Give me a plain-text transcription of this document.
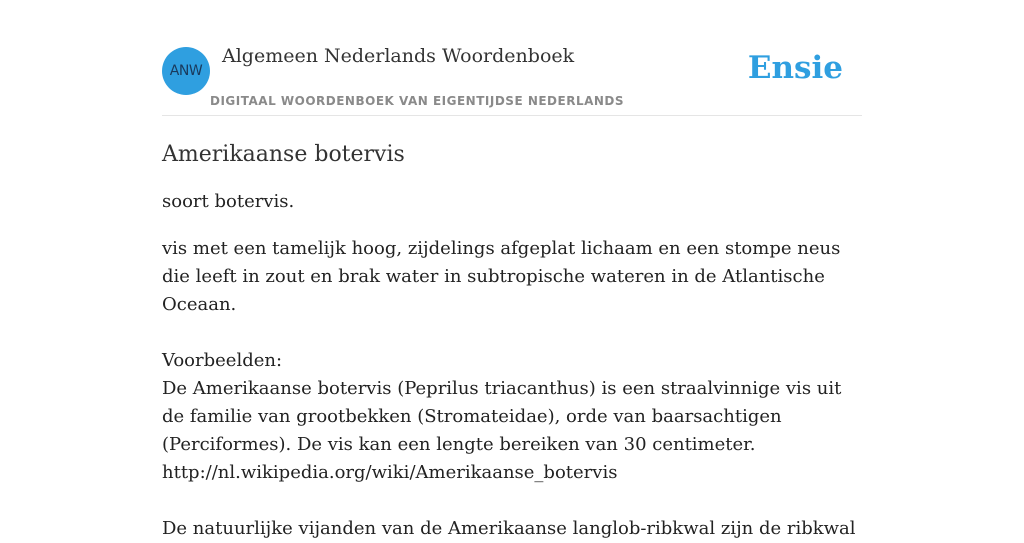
ANW
Algemeen Nederlands Woordenboek
DIGITAAL WOORDENBOEK VAN EIGENTIJDSE NEDERLANDS
Ensie
Amerikaanse botervis

soort botervis.

vis met een tamelijk hoog, zijdelings afgeplat lichaam en een stompe neus die leeft in zout en brak water in subtropische wateren in de Atlantische Oceaan.

Voorbeelden:
De Amerikaanse botervis (Peprilus triacanthus) is een straalvinnige vis uit de familie van grootbekken (Stromateidae), orde van baarsachtigen (Perciformes). De vis kan een lengte bereiken van 30 centimeter.
http://nl.wikipedia.org/wiki/Amerikaanse_botervis

De natuurlijke vijanden van de Amerikaanse langlob-ribkwal zijn de ribkwal
